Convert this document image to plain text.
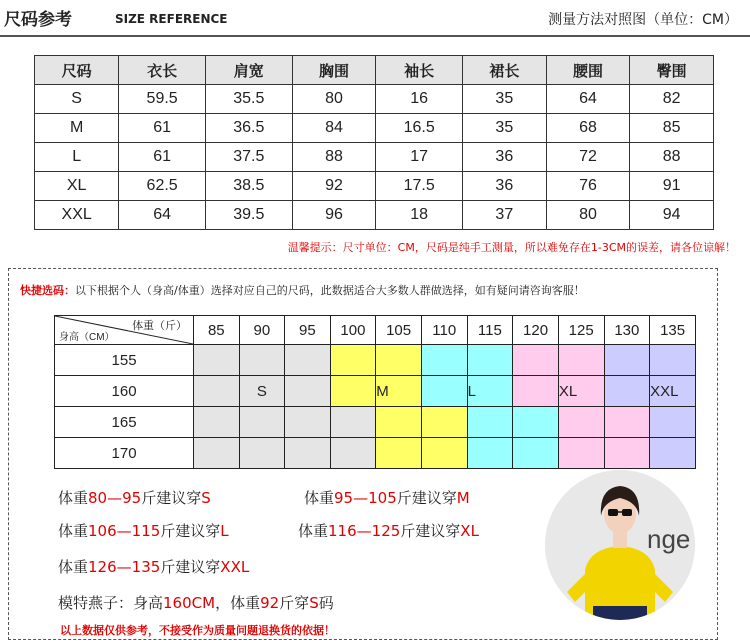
尺码参考	SIZE REFERENCE	测量方法对照图（单位：CM）
尺码	衣长	肩宽	胸围	袖长	裙长	腰围	臀围
S	59.5	35.5	80	16	35	64	82
M	61	36.5	84	16.5	35	68	85
L	61	37.5	88	17	36	72	88
XL	62.5	38.5	92	17.5	36	76	91
XXL	64	39.5	96	18	37	80	94
温馨提示：尺寸单位：CM，尺码是纯手工测量，所以难免存在1-3CM的误差，请各位谅解！
快捷选码：以下根据个人（身高/体重）选择对应自己的尺码，此数据适合大多数人群做选择，如有疑问请咨询客服！
体重（斤）
身高（CM）	85	90	95	100	105	110	115	120	125	130	135
155											
160		S			M		L		XL		XXL
165											
170											
体重80—95斤建议穿S	体重95—105斤建议穿M
体重106—115斤建议穿L	体重116—125斤建议穿XL
体重126—135斤建议穿XXL
模特燕子：身高160CM，体重92斤穿S码
以上数据仅供参考，不接受作为质量问题退换货的依据！
nge
